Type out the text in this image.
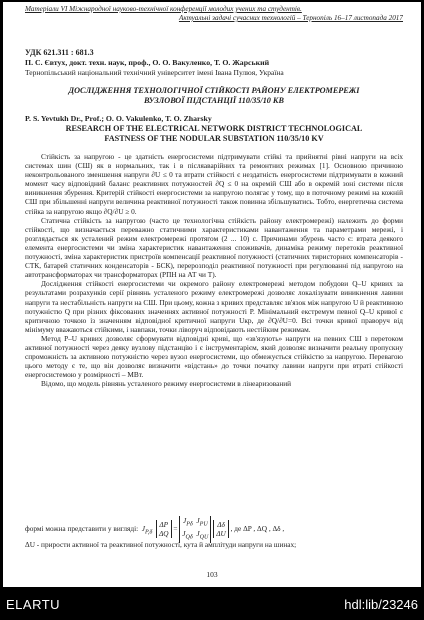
Матеріали VI Міжнародної науково-технічної конференції молодих учених та студентів.
Актуальні задачі сучасних технологій – Тернопіль 16–17 листопада 2017
УДК 621.311 : 681.3
П. С. Євтух, докт. техн. наук, проф., О. О. Вакуленко, Т. О. Жарський
Тернопільський національний технічний університет імені Івана Пулюя, Україна
ДОСЛІДЖЕННЯ ТЕХНОЛОГІЧНОЇ СТІЙКОСТІ РАЙОНУ ЕЛЕКТРОМЕРЕЖІ
ВУЗЛОВОЇ ПІДСТАНЦІЇ 110/35/10 КВ
P. S. Yevtukh Dr., Prof.; O. O. Vakulenko, T. O. Zharsky
RESEARCH OF THE ELECTRICAL NETWORK DISTRICT TECHNOLOGICAL
FASTNESS OF THE NODULAR SUBSTATION 110/35/10 KV

Стійкість за напругою - це здатність енергосистеми підтримувати стійкі та прийнятні рівні напруги на всіх системах шин (СШ) як в нормальних, так і в післяаварійних та ремонтних режимах [1]. Основною причиною неконтрольованого зменшення напруги ∂U ≤ 0 та втрати стійкості є нездатність енергосистеми підтримувати в кожний момент часу відповідний баланс реактивних потужностей ∂Q ≤ 0 на окремій СШ або в окремій зоні системи після виникнення збурення. Критерій стійкості енергосистеми за напругою полягає у тому, що в поточному режимі на кожній СШ при збільшенні напруги величина реактивної потужності також повинна збільшуватись. Тобто, енергетична система стійка за напругою якщо ∂Q/∂U ≥ 0.

Статична стійкість за напругою (часто це технологічна стійкість району електромережі) належить до форми стійкості, що визначається переважно статичними характеристиками навантаження та параметрами мережі, і розглядається як усталений режим електромережі протягом (2 ... 10) с. Причинами збурень часто є: втрата деякого елемента енергосистеми чи зміна характеристик навантаження споживачів, динаміка режиму перетоків реактивної потужності, зміна характеристик пристроїв компенсації реактивної потужності (статичних тиристорних компенсаторів - СТК, батарей статичних конденсаторів - БСК), перерозподіл реактивної потужності при регулюванні під напругою на автотрансформаторах чи трансформаторах (РПН на АТ чи Т).

Дослідження стійкості енергосистеми чи окремого району електромережі методом побудови Q–U кривих за результатами розрахунків серії рівнянь усталеного режиму електромережі дозволяє локалізувати виникнення лавини напруги та нестабільність напруги на СШ. При цьому, кожна з кривих представляє зв'язок між напругою U й реактивною потужністю Q при різних фіксованих значеннях активної потужності P. Мінімальний екстремум певної Q–U кривої є критичною точкою із значенням відповідної критичної напруги Uкр, де ∂Q/∂U=0. Всі точки кривої праворуч від мінімуму вважаються стійкими, і навпаки, точки ліворуч відповідають нестійким режимам.

Метод P–U кривих дозволяє сформувати відповідні криві, що «зв'язують» напруги на певних СШ з перетоком активної потужності через деяку вузлову підстанцію і є інструментарієм, який дозволяє визначити реальну пропускну спроможність за активною потужністю через вузол енергосистеми, що обмежується стійкістю за напругою. Перевагою цього методу є те, що він дозволяє визначити «відстань» до точки початку лавини напруги при втраті стійкості енергосистемою у розмірності – МВт.

Відомо, що модель рівнянь усталеного режиму енергосистеми в лінеаризований

формі можна представити у вигляді:  $J_{P,\delta}$  ΔP
$\Delta Q = J_{P\delta}$  $J_{PU}$
$J_{Q\delta}$  $J_{QU}$ Δδ
ΔU , де ΔP , ΔQ , Δδ ,
ΔU - прирости активної та реактивної потужності, кута й амплітуди напруги на шинах;
103
ELARTU	hdl:lib/23246
